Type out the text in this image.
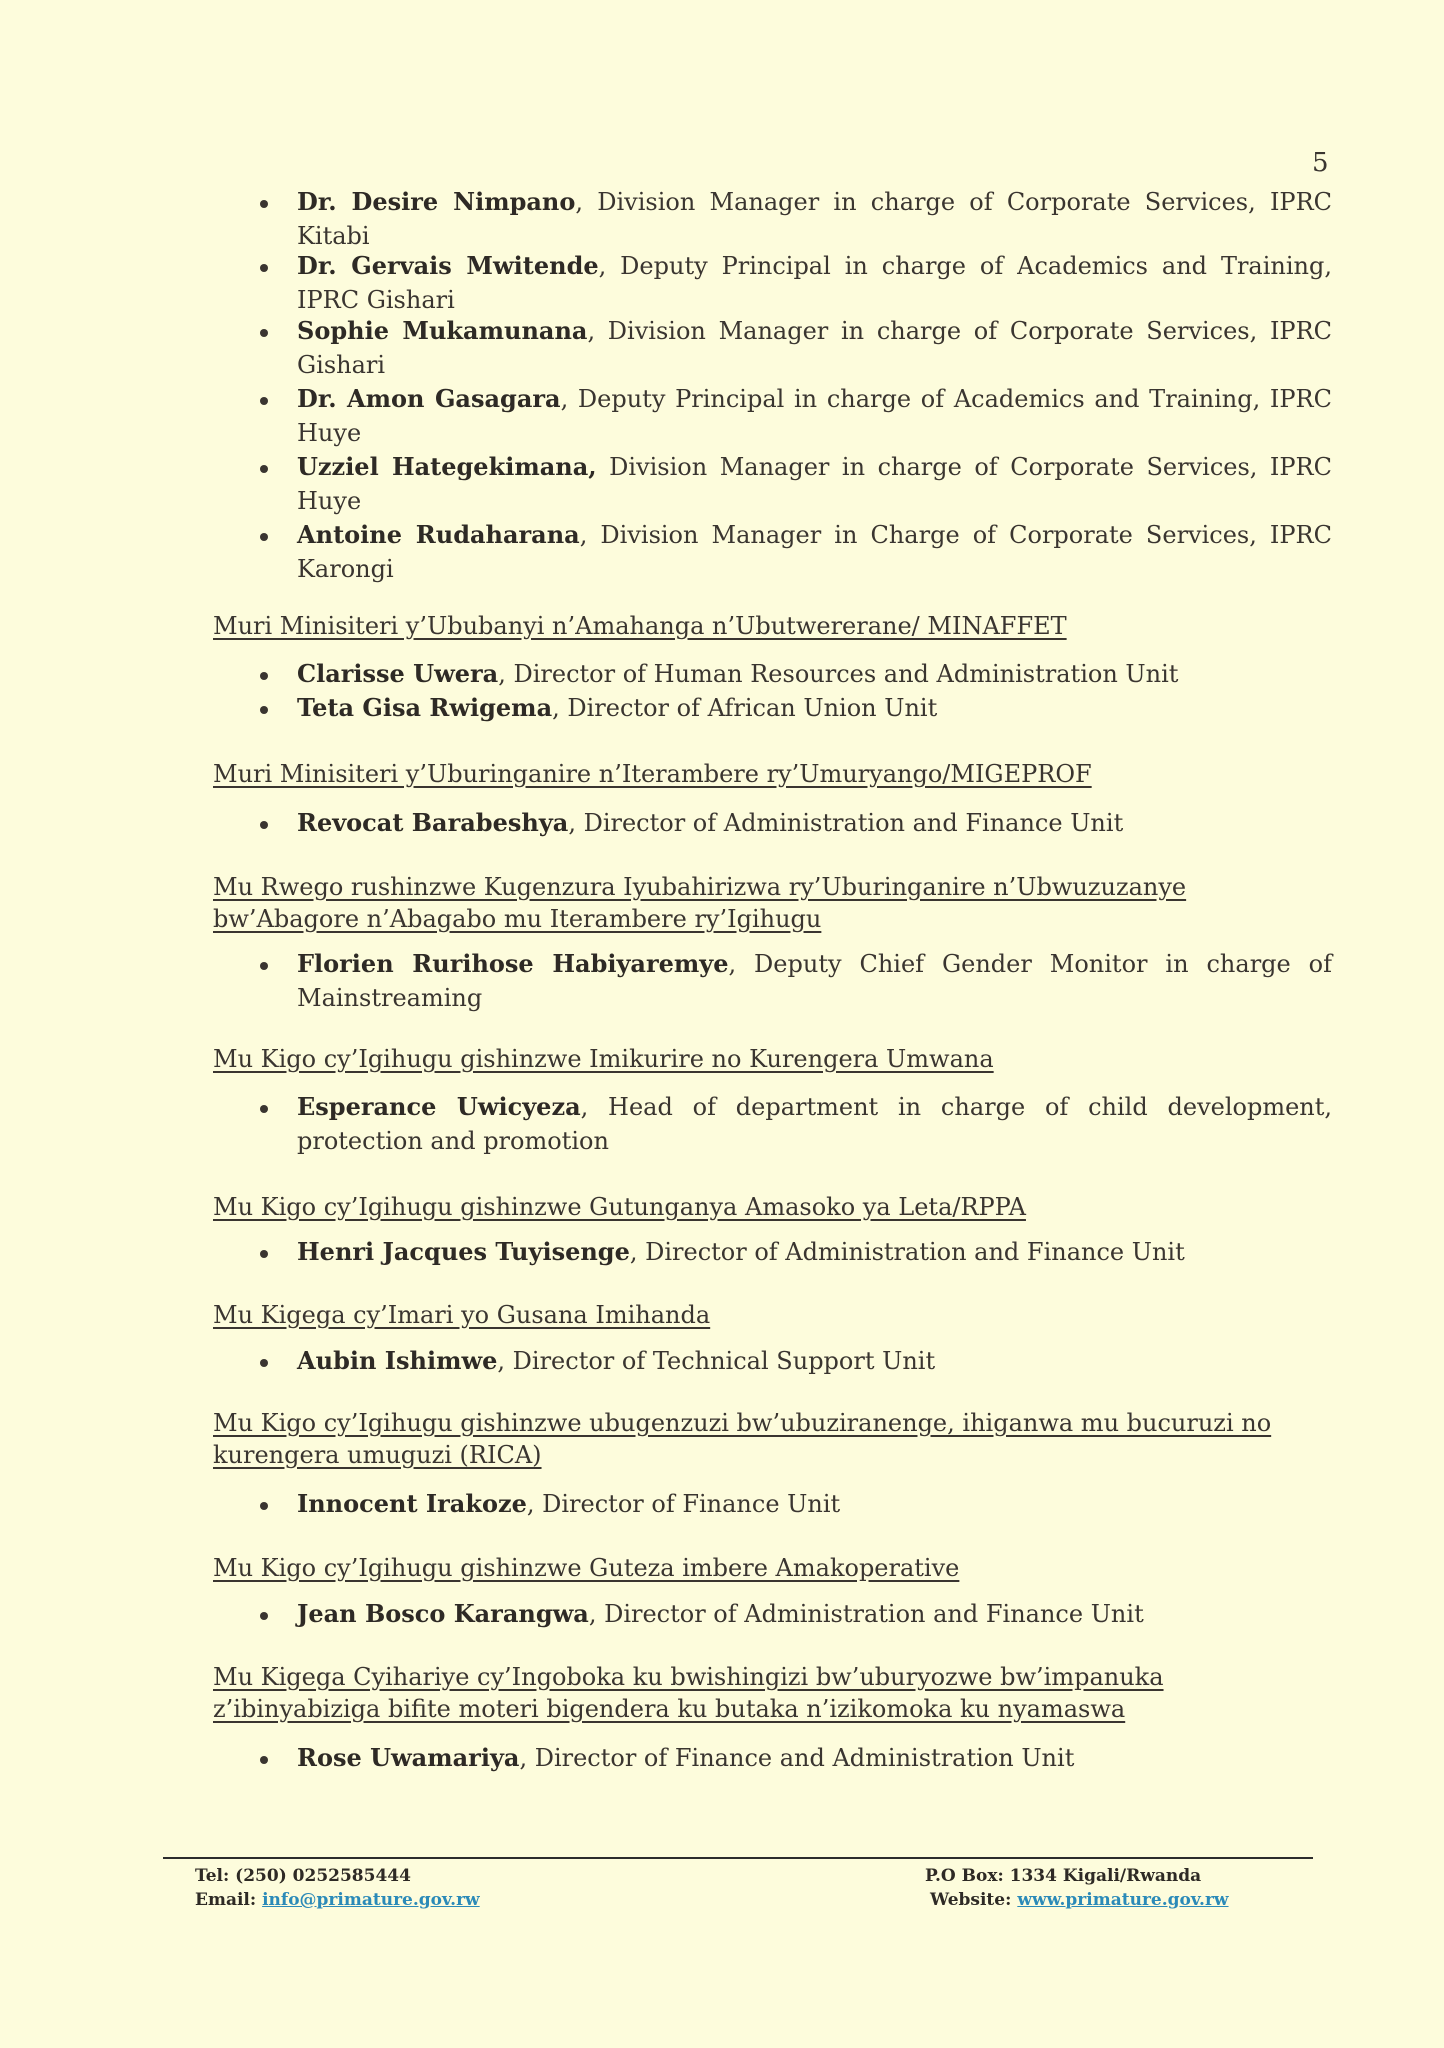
5
Dr. Desire Nimpano, Division Manager in charge of Corporate Services, IPRC Kitabi
Dr. Gervais Mwitende, Deputy Principal in charge of Academics and Training, IPRC Gishari
Sophie Mukamunana, Division Manager in charge of Corporate Services, IPRC Gishari
Dr. Amon Gasagara, Deputy Principal in charge of Academics and Training, IPRC Huye
Uzziel Hategekimana, Division Manager in charge of Corporate Services, IPRC Huye
Antoine Rudaharana, Division Manager in Charge of Corporate Services, IPRC Karongi
Muri Minisiteri y’Ububanyi n’Amahanga n’Ubutwererane/ MINAFFET
Clarisse Uwera, Director of Human Resources and Administration Unit
Teta Gisa Rwigema, Director of African Union Unit
Muri Minisiteri y’Uburinganire n’Iterambere ry’Umuryango/MIGEPROF
Revocat Barabeshya, Director of Administration and Finance Unit
Mu Rwego rushinzwe Kugenzura Iyubahirizwa ry’Uburinganire n’Ubwuzuzanye bw’Abagore n’Abagabo mu Iterambere ry’Igihugu
Florien Rurihose Habiyaremye, Deputy Chief Gender Monitor in charge of Mainstreaming
Mu Kigo cy’Igihugu gishinzwe Imikurire no Kurengera Umwana
Esperance Uwicyeza, Head of department in charge of child development, protection and promotion
Mu Kigo cy’Igihugu gishinzwe Gutunganya Amasoko ya Leta/RPPA
Henri Jacques Tuyisenge, Director of Administration and Finance Unit
Mu Kigega cy’Imari yo Gusana Imihanda
Aubin Ishimwe, Director of Technical Support Unit
Mu Kigo cy’Igihugu gishinzwe ubugenzuzi bw’ubuziranenge, ihiganwa mu bucuruzi no kurengera umuguzi (RICA)
Innocent Irakoze, Director of Finance Unit
Mu Kigo cy’Igihugu gishinzwe Guteza imbere Amakoperative
Jean Bosco Karangwa, Director of Administration and Finance Unit
Mu Kigega Cyihariye cy’Ingoboka ku bwishingizi bw’uburyozwe bw’impanuka z’ibinyabiziga bifite moteri bigendera ku butaka n’izikomoka ku nyamaswa
Rose Uwamariya, Director of Finance and Administration Unit
Tel: (250) 0252585444
Email: info@primature.gov.rw
P.O Box: 1334 Kigali/Rwanda
Website: www.primature.gov.rw
